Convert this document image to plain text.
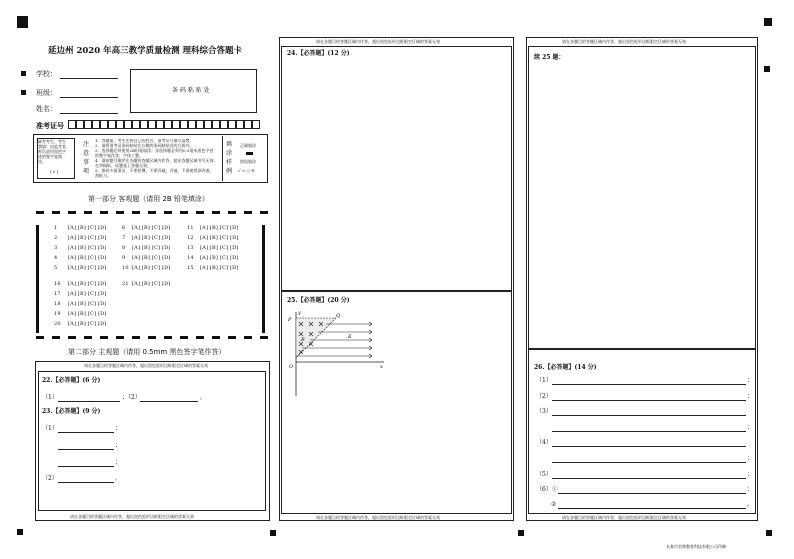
延边州 2020 年高三教学质量检测 理科综合答题卡
学校：
班级：
姓名：
条 码 粘 贴 处
准考证号
缺考考生，考生
禁填！由监考老
师负责用黑色字
迹的签字笔填
涂。
[ 0 ]
注
意
事
项
1．答题前，考生先将自己的姓名、准考证号填写清楚。
2．请将准考证条码粘贴在右侧的条码粘贴处的方框内。
3．选择题必须使用2B铅笔填涂；非选择题必须用0.5毫米黑色字迹
的签字笔作答，字体工整。
4．请按题号顺序在各题的答题区域内作答，超出答题区域书写无效；
在草稿纸、试题卷上答题无效。
5．保持卡面清洁，不要折叠、不要弄破、弄皱，不准使用涂改液、
刮纸刀。
填
涂
样
例
正确填涂
错误填涂
√ × ○ ⊖
第一部分 客观题（请用 2B 铅笔填涂）
1 [A] [B] [C] [D]	6 [A] [B] [C] [D]	11 [A] [B] [C] [D]
2 [A] [B] [C] [D]	7 [A] [B] [C] [D]	12 [A] [B] [C] [D]
3 [A] [B] [C] [D]	8 [A] [B] [C] [D]	13 [A] [B] [C] [D]
4 [A] [B] [C] [D]	9 [A] [B] [C] [D]	14 [A] [B] [C] [D]
5 [A] [B] [C] [D]	10 [A] [B] [C] [D]	15 [A] [B] [C] [D]
16 [A] [B] [C] [D]	21 [A] [B] [C] [D]
17 [A] [B] [C] [D]
18 [A] [B] [C] [D]
19 [A] [B] [C] [D]
20 [A] [B] [C] [D]
第二部分 主观题（请用 0.5mm 黑色签字笔作答）
请在各题目的答题区域内作答，超出黑色矩形边框限定区域的答案无效
请在各题目的答题区域内作答，超出黑色矩形边框限定区域的答案无效
22.【必答题】(6 分)
（1）	；（2）	。
23.【必答题】(9 分)
（1）	；
；
；
（2）	。
请在各题目的答题区域内作答，超出黑色矩形边框限定区域的答案无效
24.【必答题】(12 分)
25.【必答题】(20 分)
请在各题目的答题区域内作答，超出黑色矩形边框限定区域的答案无效
y
x
P
Q
B	E
O
请在各题目的答题区域内作答，超出黑色矩形边框限定区域的答案无效
续 25 题：
26.【必答题】(14 分)
（1）	；
（2）	；
（3）
；
（4）
；
（5）	；
（6）①	；
②	。
请在各题目的答题区域内作答，超出黑色矩形边框限定区域的答案无效
长春市君尊教育科技有限公司印制
